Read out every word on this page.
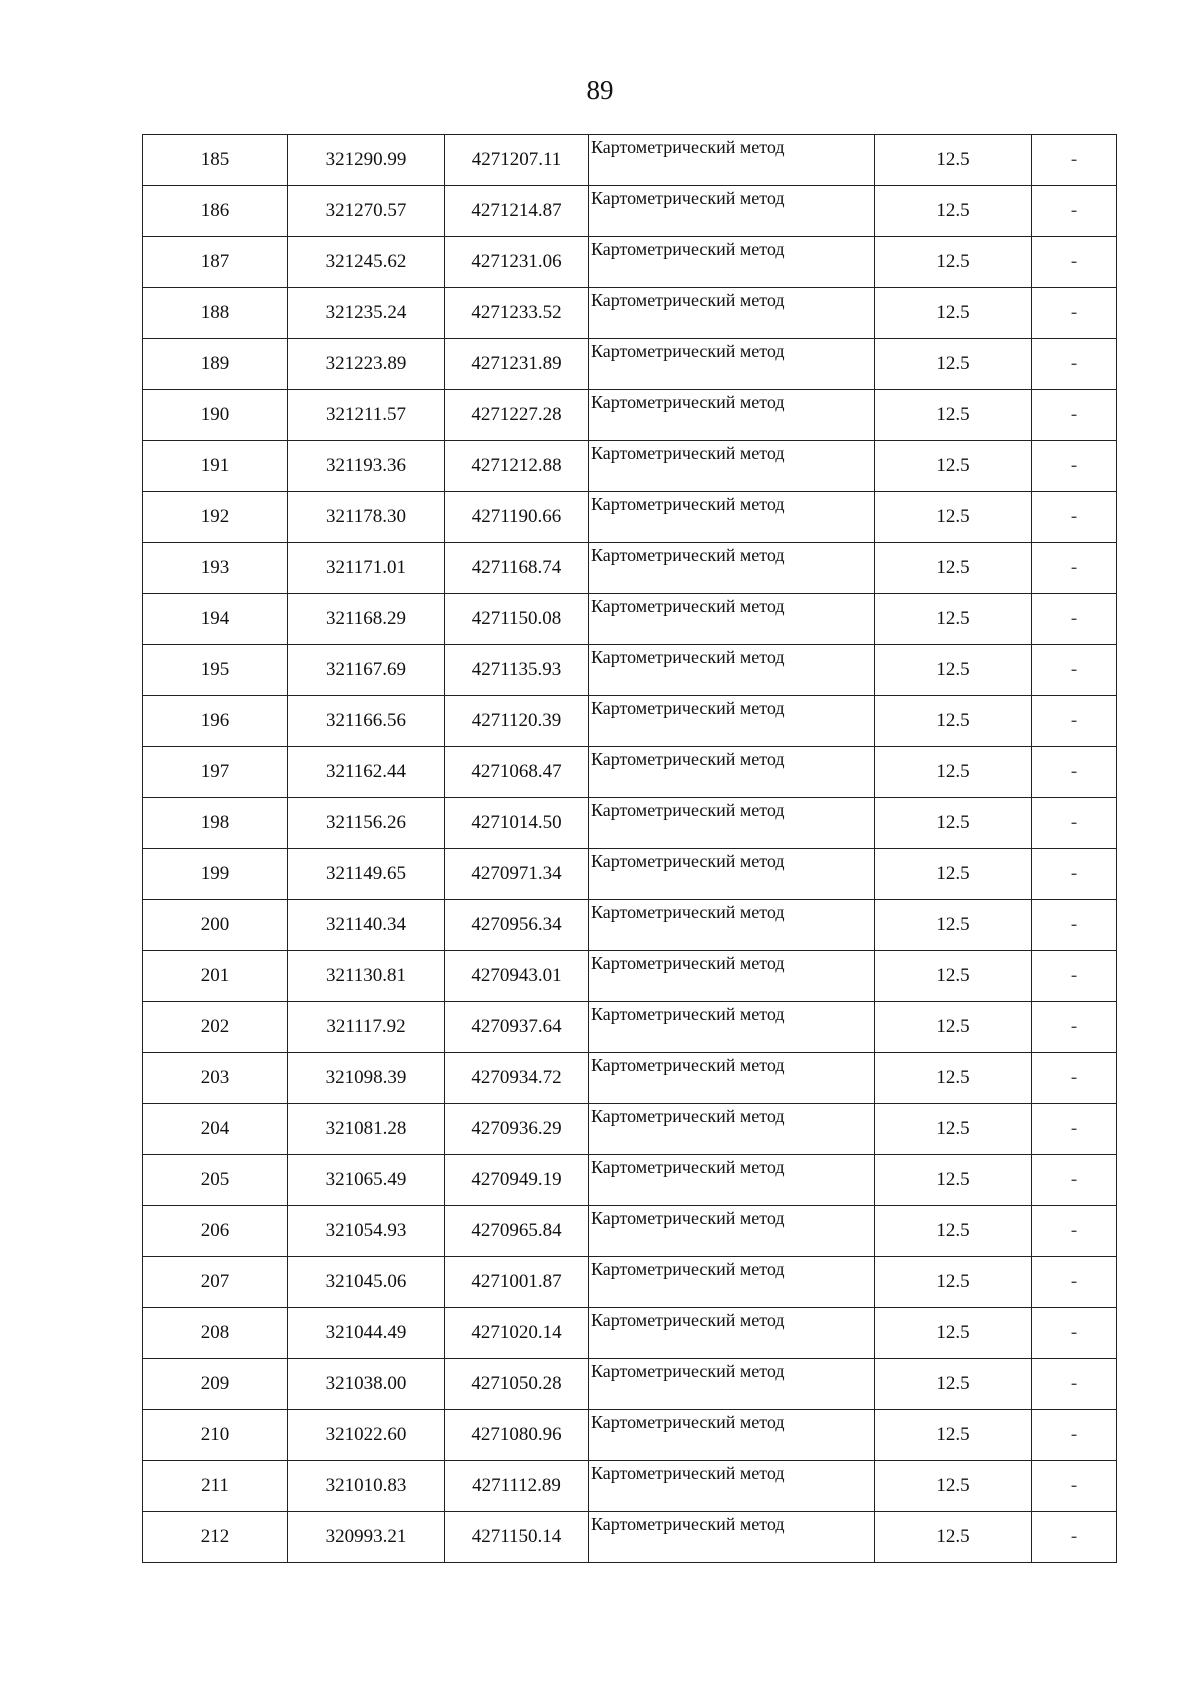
89
185	321290.99	4271207.11	Картометрический метод	12.5	-
186	321270.57	4271214.87	Картометрический метод	12.5	-
187	321245.62	4271231.06	Картометрический метод	12.5	-
188	321235.24	4271233.52	Картометрический метод	12.5	-
189	321223.89	4271231.89	Картометрический метод	12.5	-
190	321211.57	4271227.28	Картометрический метод	12.5	-
191	321193.36	4271212.88	Картометрический метод	12.5	-
192	321178.30	4271190.66	Картометрический метод	12.5	-
193	321171.01	4271168.74	Картометрический метод	12.5	-
194	321168.29	4271150.08	Картометрический метод	12.5	-
195	321167.69	4271135.93	Картометрический метод	12.5	-
196	321166.56	4271120.39	Картометрический метод	12.5	-
197	321162.44	4271068.47	Картометрический метод	12.5	-
198	321156.26	4271014.50	Картометрический метод	12.5	-
199	321149.65	4270971.34	Картометрический метод	12.5	-
200	321140.34	4270956.34	Картометрический метод	12.5	-
201	321130.81	4270943.01	Картометрический метод	12.5	-
202	321117.92	4270937.64	Картометрический метод	12.5	-
203	321098.39	4270934.72	Картометрический метод	12.5	-
204	321081.28	4270936.29	Картометрический метод	12.5	-
205	321065.49	4270949.19	Картометрический метод	12.5	-
206	321054.93	4270965.84	Картометрический метод	12.5	-
207	321045.06	4271001.87	Картометрический метод	12.5	-
208	321044.49	4271020.14	Картометрический метод	12.5	-
209	321038.00	4271050.28	Картометрический метод	12.5	-
210	321022.60	4271080.96	Картометрический метод	12.5	-
211	321010.83	4271112.89	Картометрический метод	12.5	-
212	320993.21	4271150.14	Картометрический метод	12.5	-
